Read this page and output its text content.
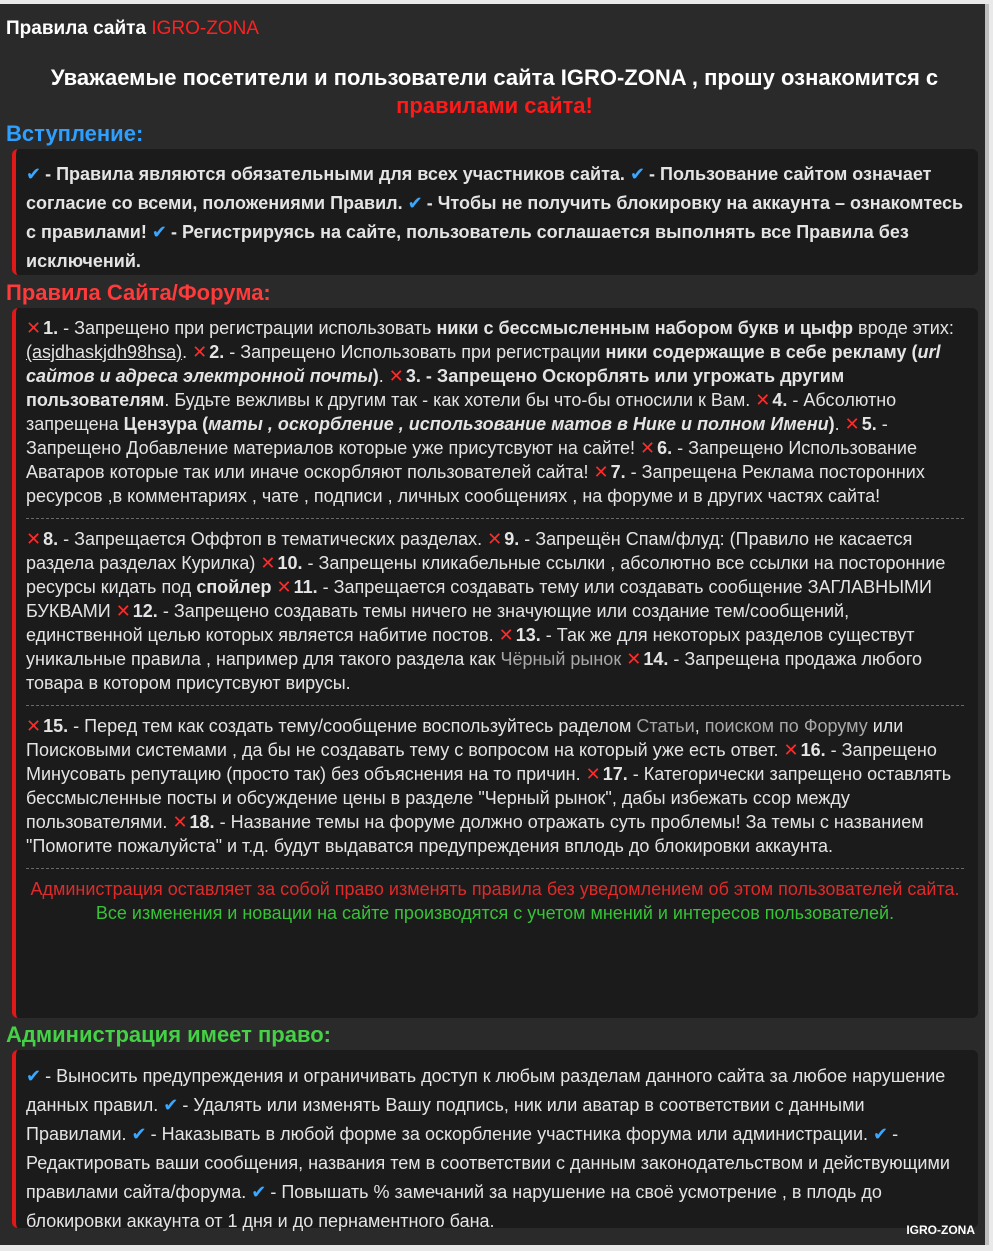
Правила сайта IGRO-ZONA
Уважаемые посетители и пользователи сайта IGRO-ZONA , прошу ознакомится с
правилами сайта!
Вступление:

✔ - Правила являются обязательными для всех участников сайта. ✔ - Пользование сайтом означает согласие со всеми, положениями Правил. ✔ - Чтобы не получить блокировку на аккаунта – ознакомтесь с правилами! ✔ - Регистрируясь на сайте, пользователь соглашается выполнять все Правила без исключений.

Правила Сайта/Форума:

✕ 1. - Запрещено при регистрации использовать ники с бессмысленным набором букв и цыфр вроде этих: (asjdhaskjdh98hsa). ✕ 2. - Запрещено Использовать при регистрации ники содержащие в себе рекламу (url сайтов и адреса электронной почты). ✕ 3. - Запрещено Оскорблять или угрожать другим пользователям. Будьте вежливы к другим так - как хотели бы что-бы относили к Вам. ✕ 4. - Абсолютно запрещена Цензура (маты , оскорбление , использование матов в Нике и полном Имени). ✕ 5. - Запрещено Добавление материалов которые уже присутсвуют на сайте! ✕ 6. - Запрещено Использование Аватаров которые так или иначе оскорбляют пользователей сайта! ✕ 7. - Запрещена Реклама посторонних ресурсов ,в комментариях , чате , подписи , личных сообщениях , на форуме и в других частях сайта!

✕ 8. - Запрещается Оффтоп в тематических разделах. ✕ 9. - Запрещён Спам/флуд: (Правило не касается раздела разделах Курилка) ✕ 10. - Запрещены кликабельные ссылки , абсолютно все ссылки на посторонние ресурсы кидать под спойлер ✕ 11. - Запрещается создавать тему или создавать сообщение ЗАГЛАВНЫМИ БУКВАМИ ✕ 12. - Запрещено создавать темы ничего не значующие или создание тем/сообщений, единственной целью которых является набитие постов. ✕ 13. - Так же для некоторых разделов существут уникальные правила , например для такого раздела как Чёрный рынок ✕ 14. - Запрещена продажа любого товара в котором присутсвуют вирусы.

✕ 15. - Перед тем как создать тему/сообщение воспользуйтесь раделом Статьи, поиском по Форуму или Поисковыми системами , да бы не создавать тему с вопросом на который уже есть ответ. ✕ 16. - Запрещено Минусовать репутацию (просто так) без объяснения на то причин. ✕ 17. - Категорически запрещено оставлять бессмысленные посты и обсуждение цены в разделе "Черный рынок", дабы избежать ссор между пользователями. ✕ 18. - Название темы на форуме должно отражать суть проблемы! За темы с названием "Помогите пожалуйста" и т.д. будут выдаватся предупреждения вплодь до блокировки аккаунта.

Администрация оставляет за собой право изменять правила без уведомлением об этом пользователей сайта. Все изменения и новации на сайте производятся с учетом мнений и интересов пользователей.

Администрация имеет право:

✔ - Выносить предупреждения и ограничивать доступ к любым разделам данного сайта за любое нарушение данных правил. ✔ - Удалять или изменять Вашу подпись, ник или аватар в соответствии с данными Правилами. ✔ - Наказывать в любой форме за оскорбление участника форума или администрации. ✔ - Редактировать ваши сообщения, названия тем в соответствии с данным законодательством и действующими правилами сайта/форума. ✔ - Повышать % замечаний за нарушение на своё усмотрение , в плодь до блокировки аккаунта от 1 дня и до пернаментного бана.	IGRO-ZONA
